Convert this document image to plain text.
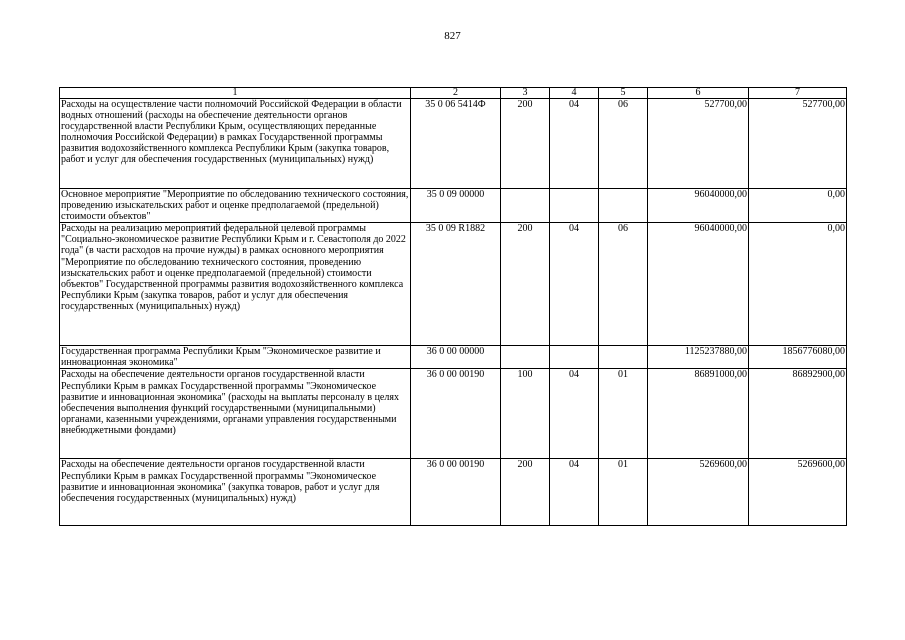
827
1	2	3	4	5	6	7
Расходы на осуществление части полномочий Российской Федерации в области водных отношений (расходы на обеспечение деятельности органов государственной власти Республики Крым, осуществляющих переданные полномочия Российской Федерации) в рамках Государственной программы развития водохозяйственного комплекса Республики Крым (закупка товаров, работ и услуг для обеспечения государственных (муниципальных) нужд)	35 0 06 5414Ф	200	04	06	527700,00	527700,00
Основное мероприятие "Мероприятие по обследованию технического состояния, проведению изыскательских работ и оценке предполагаемой (предельной) стоимости объектов"	35 0 09 00000				96040000,00	0,00
Расходы на реализацию мероприятий федеральной целевой программы "Социально-экономическое развитие Республики Крым и г. Севастополя до 2022 года" (в части расходов на прочие нужды) в рамках основного мероприятия "Мероприятие по обследованию технического состояния, проведению изыскательских работ и оценке предполагаемой (предельной) стоимости объектов" Государственной программы развития водохозяйственного комплекса Республики Крым (закупка товаров, работ и услуг для обеспечения государственных (муниципальных) нужд)	35 0 09 R1882	200	04	06	96040000,00	0,00
Государственная программа Республики Крым "Экономическое развитие и инновационная экономика"	36 0 00 00000				1125237880,00	1856776080,00
Расходы на обеспечение деятельности органов государственной власти Республики Крым в рамках Государственной программы "Экономическое развитие и инновационная экономика" (расходы на выплаты персоналу в целях обеспечения выполнения функций государственными (муниципальными) органами, казенными учреждениями, органами управления государственными внебюджетными фондами)	36 0 00 00190	100	04	01	86891000,00	86892900,00
Расходы на обеспечение деятельности органов государственной власти Республики Крым в рамках Государственной программы "Экономическое развитие и инновационная экономика" (закупка товаров, работ и услуг для обеспечения государственных (муниципальных) нужд)	36 0 00 00190	200	04	01	5269600,00	5269600,00
